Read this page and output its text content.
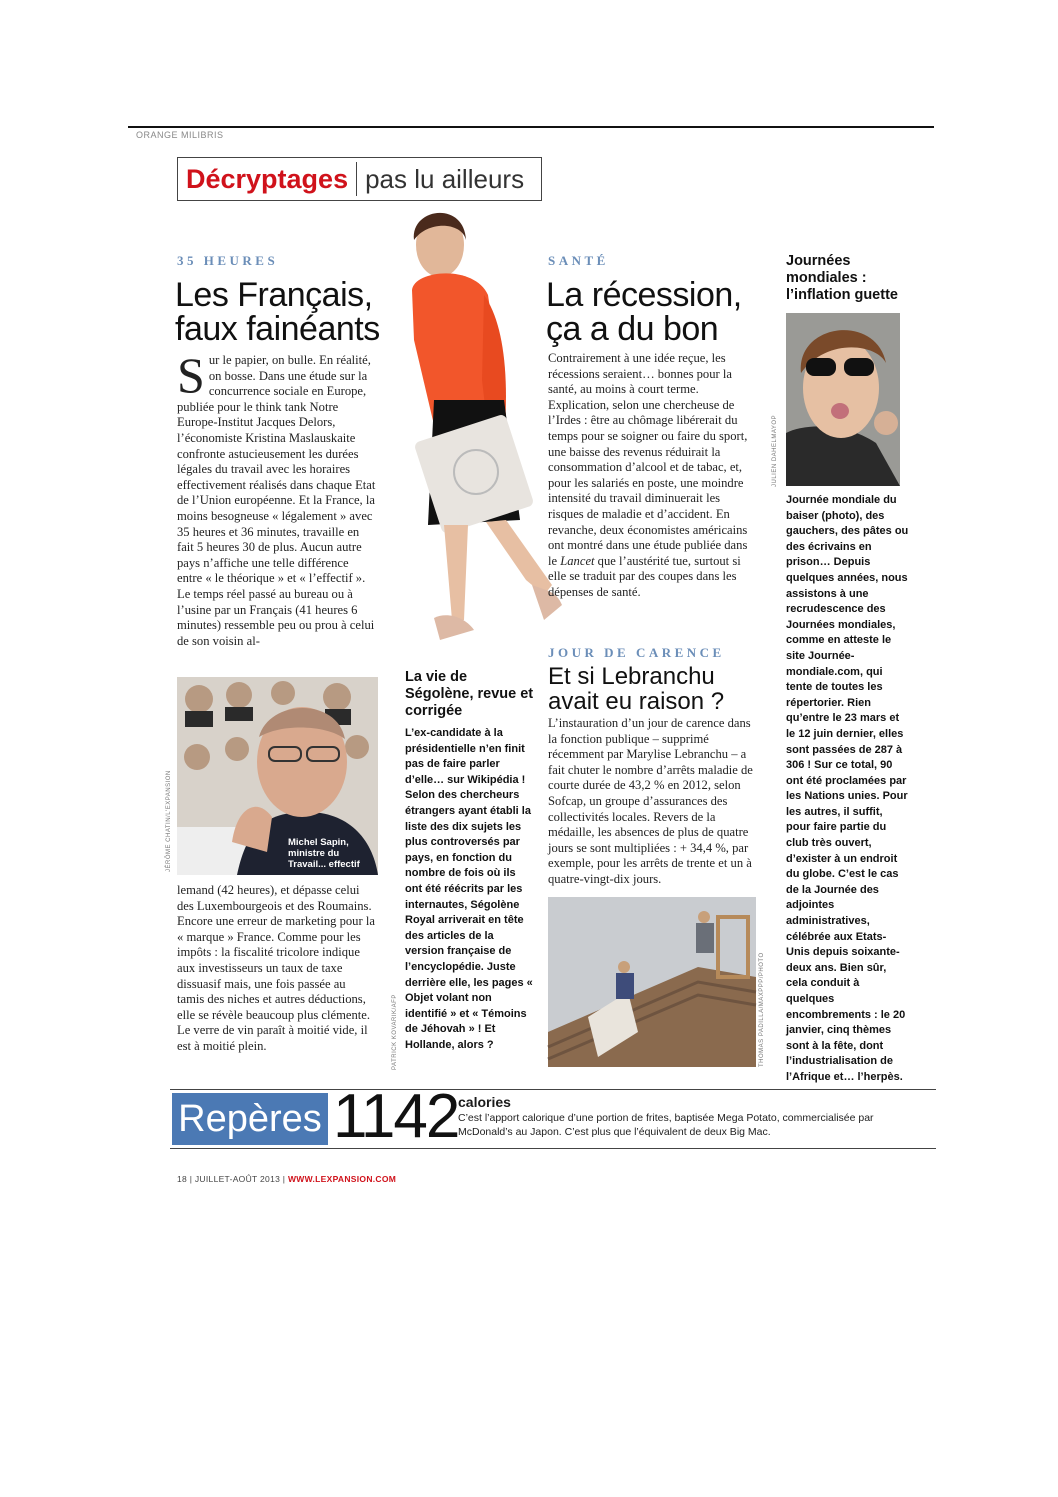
ORANGE MILIBRIS
Décryptages pas lu ailleurs
35 HEURES
Les Français,
faux fainéants

Sur le papier, on bulle. En réalité, on bosse. Dans une étude sur la concurrence sociale en Europe, publiée pour le think tank Notre Europe-Institut Jacques Delors, l’économiste Kristina Maslauskaite confronte astucieusement les durées légales du travail avec les horaires effectivement réalisés dans chaque Etat de l’Union européenne. Et la France, la moins besogneuse « légalement » avec 35 heures et 36 minutes, travaille en fait 5 heures 30 de plus. Aucun autre pays n’affiche une telle différence entre « le théorique » et « l’effectif ». Le temps réel passé au bureau ou à l’usine par un Français (41 heures 6 minutes) ressemble peu ou prou à celui de son voisin al-

Michel Sapin, ministre du Travail... effectif
JÉRÔME CHATIN/L'EXPANSION

lemand (42 heures), et dépasse celui des Luxembourgeois et des Roumains. Encore une erreur de marketing pour la « marque » France. Comme pour les impôts : la fiscalité tricolore indique aux investisseurs un taux de taxe dissuasif mais, une fois passée au tamis des niches et autres déductions, elle se révèle beaucoup plus clémente. Le verre de vin paraît à moitié vide, il est à moitié plein.	PATRICK KOVARIK/AFP
La vie de Ségolène, revue et corrigée

L’ex-candidate à la présidentielle n’en finit pas de faire parler d’elle… sur Wikipédia ! Selon des chercheurs étrangers ayant établi la liste des dix sujets les plus controversés par pays, en fonction du nombre de fois où ils ont été réécrits par les internautes, Ségolène Royal arriverait en tête des articles de la version française de l’encyclopédie. Juste derrière elle, les pages « Objet volant non identifié » et « Témoins de Jéhovah » ! Et Hollande, alors ?

SANTÉ
La récession,
ça a du bon

Contrairement à une idée reçue, les récessions seraient… bonnes pour la santé, au moins à court terme. Explication, selon une chercheuse de l’Irdes : être au chômage libérerait du temps pour se soigner ou faire du sport, une baisse des revenus réduirait la consommation d’alcool et de tabac, et, pour les salariés en poste, une moindre intensité du travail diminuerait les risques de maladie et d’accident. En revanche, deux économistes américains ont montré dans une étude publiée dans le Lancet que l’austérité tue, surtout si elle se traduit par des coupes dans les dépenses de santé.

JOUR DE CARENCE
Et si Lebranchu
avait eu raison ?

L’instauration d’un jour de carence dans la fonction publique – supprimé récemment par Marylise Lebranchu – a fait chuter le nombre d’arrêts maladie de courte durée de 43,2 % en 2012, selon Sofcap, un groupe d’assurances des collectivités locales. Revers de la médaille, les absences de plus de quatre jours se sont multipliées : + 34,4 %, par exemple, pour les arrêts de trente et un à quatre-vingt-dix jours.

THOMAS PADILLA/MAXPPP/PHOTO
Journées mondiales : l’inflation guette
JULIEN DAHELMAYOP

Journée mondiale du baiser (photo), des gauchers, des pâtes ou des écrivains en prison… Depuis quelques années, nous assistons à une recrudescence des Journées mondiales, comme en atteste le site Journée-mondiale.com, qui tente de toutes les répertorier. Rien qu’entre le 23 mars et le 12 juin dernier, elles sont passées de 287 à 306 ! Sur ce total, 90 ont été proclamées par les Nations unies. Pour les autres, il suffit, pour faire partie du club très ouvert, d’exister à un endroit du globe. C’est le cas de la Journée des adjointes administratives, célébrée aux Etats-Unis depuis soixante-deux ans. Bien sûr, cela conduit à quelques encombrements : le 20 janvier, cinq thèmes sont à la fête, dont l’industrialisation de l’Afrique et… l’herpès.

Repères 1142 calories
C’est l’apport calorique d’une portion de frites, baptisée Mega Potato, commercialisée par McDonald’s au Japon. C’est plus que l’équivalent de deux Big Mac.
18 | JUILLET-AOÛT 2013 | WWW.LEXPANSION.COM
